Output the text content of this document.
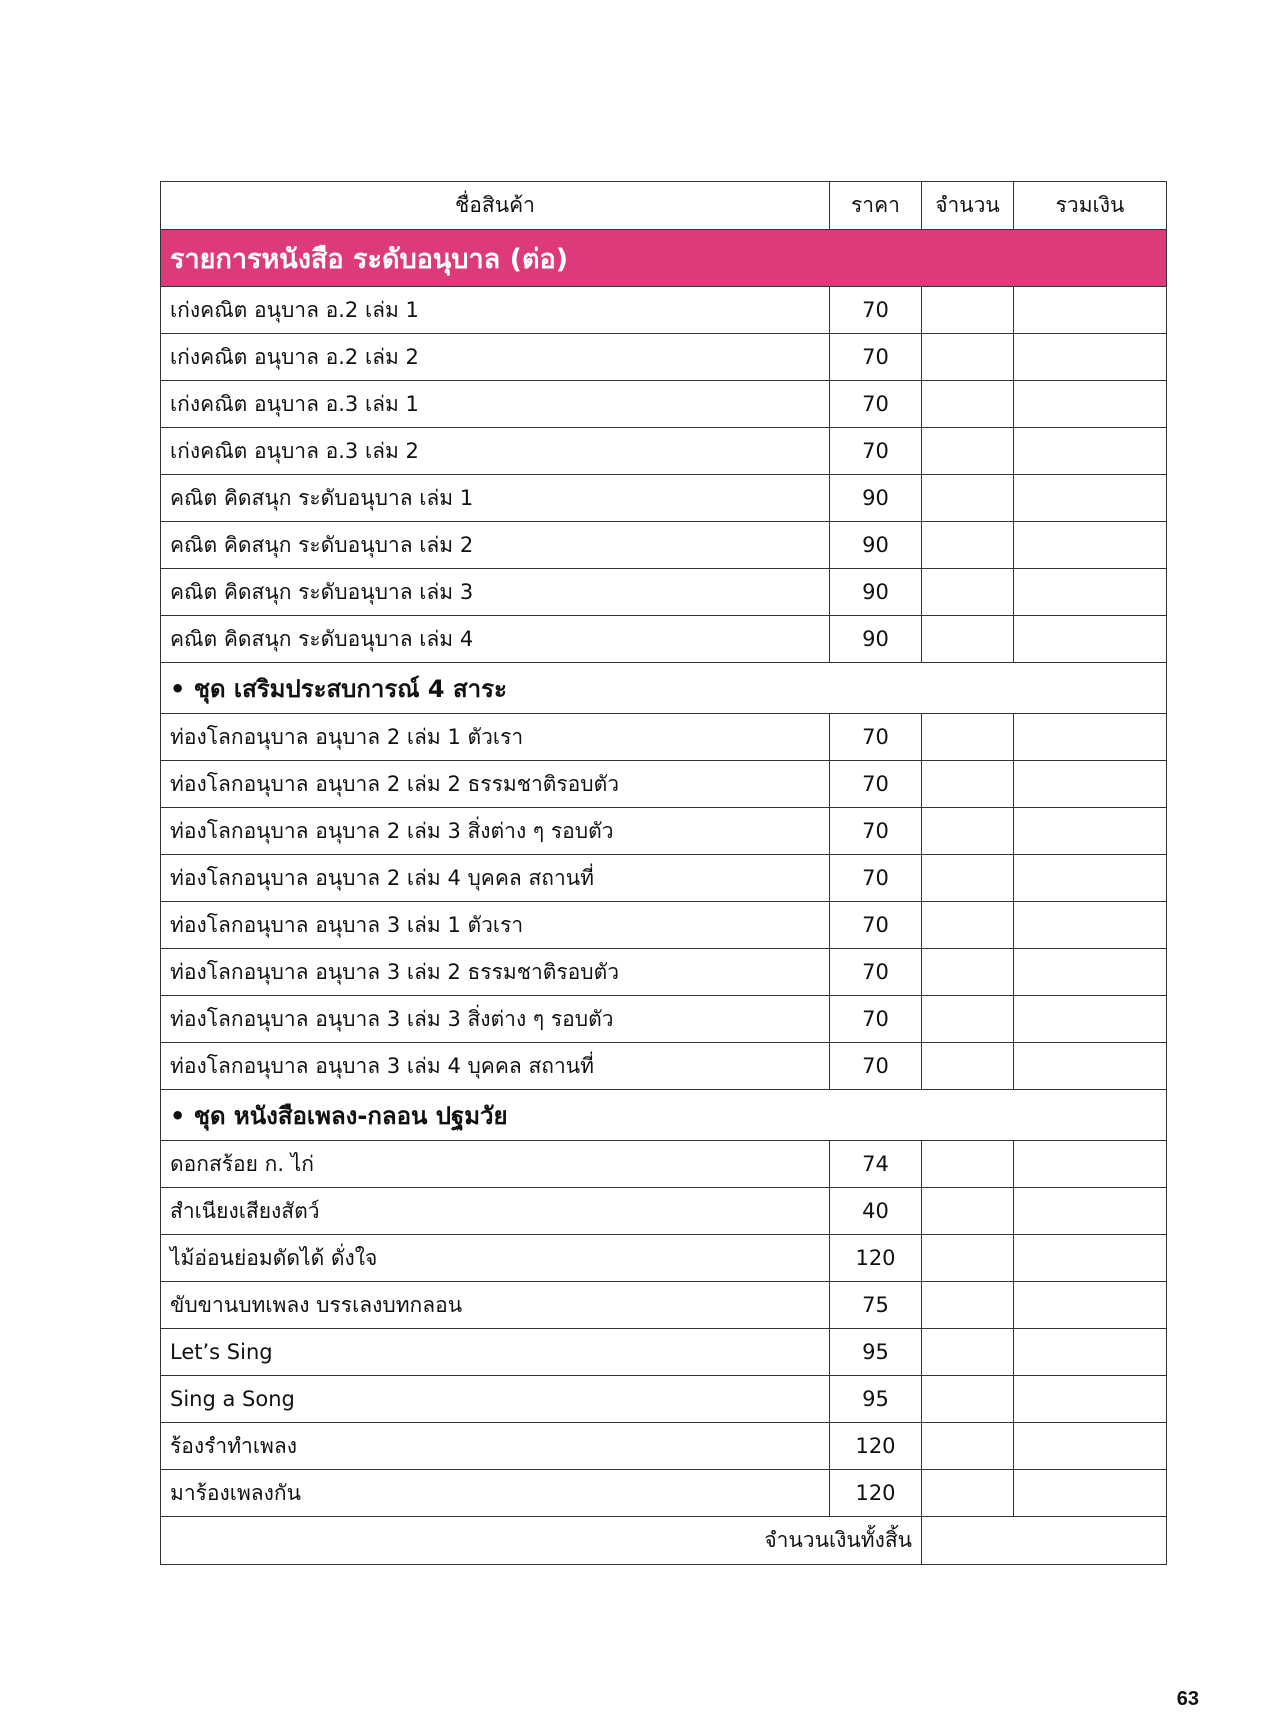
ชื่อสินค้า	ราคา	จำนวน	รวมเงิน
รายการหนังสือ ระดับอนุบาล (ต่อ)			
เก่งคณิต อนุบาล อ.2 เล่ม 1	70		
เก่งคณิต อนุบาล อ.2 เล่ม 2	70		
เก่งคณิต อนุบาล อ.3 เล่ม 1	70		
เก่งคณิต อนุบาล อ.3 เล่ม 2	70		
คณิต คิดสนุก ระดับอนุบาล เล่ม 1	90		
คณิต คิดสนุก ระดับอนุบาล เล่ม 2	90		
คณิต คิดสนุก ระดับอนุบาล เล่ม 3	90		
คณิต คิดสนุก ระดับอนุบาล เล่ม 4	90		
• ชุด เสริมประสบการณ์ 4 สาระ			
ท่องโลกอนุบาล อนุบาล 2 เล่ม 1 ตัวเรา	70		
ท่องโลกอนุบาล อนุบาล 2 เล่ม 2 ธรรมชาติรอบตัว	70		
ท่องโลกอนุบาล อนุบาล 2 เล่ม 3 สิ่งต่าง ๆ รอบตัว	70		
ท่องโลกอนุบาล อนุบาล 2 เล่ม 4 บุคคล สถานที่	70		
ท่องโลกอนุบาล อนุบาล 3 เล่ม 1 ตัวเรา	70		
ท่องโลกอนุบาล อนุบาล 3 เล่ม 2 ธรรมชาติรอบตัว	70		
ท่องโลกอนุบาล อนุบาล 3 เล่ม 3 สิ่งต่าง ๆ รอบตัว	70		
ท่องโลกอนุบาล อนุบาล 3 เล่ม 4 บุคคล สถานที่	70		
• ชุด หนังสือเพลง-กลอน ปฐมวัย			
ดอกสร้อย ก. ไก่	74		
สำเนียงเสียงสัตว์	40		
ไม้อ่อนย่อมดัดได้ ดั่งใจ	120		
ขับขานบทเพลง บรรเลงบทกลอน	75		
Let’s Sing	95		
Sing a Song	95		
ร้องรำทำเพลง	120		
มาร้องเพลงกัน	120		
จำนวนเงินทั้งสิ้น			
63
